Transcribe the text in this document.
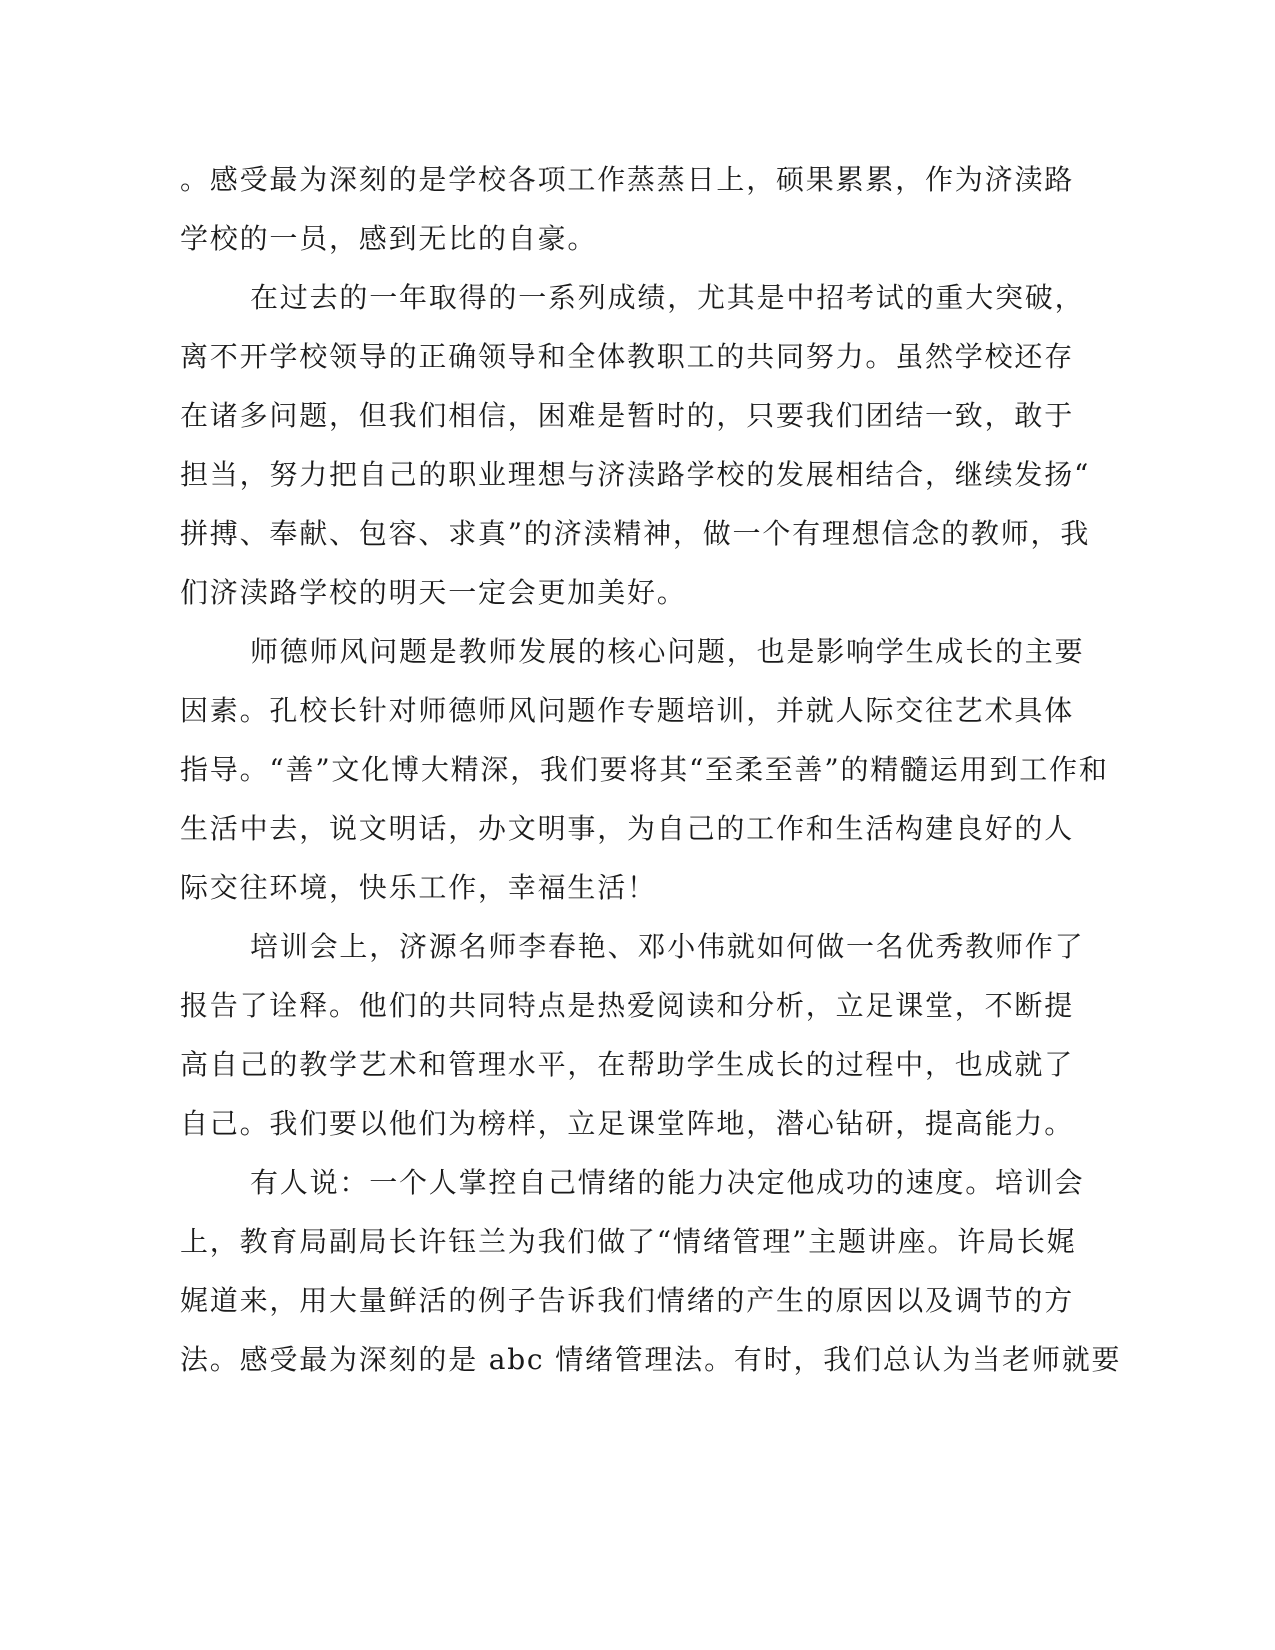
。感受最为深刻的是学校各项工作蒸蒸日上，硕果累累，作为济渎路
学校的一员，感到无比的自豪。
在过去的一年取得的一系列成绩，尤其是中招考试的重大突破，
离不开学校领导的正确领导和全体教职工的共同努力。虽然学校还存
在诸多问题，但我们相信，困难是暂时的，只要我们团结一致，敢于
担当，努力把自己的职业理想与济渎路学校的发展相结合，继续发扬“
拼搏、奉献、包容、求真”的济渎精神，做一个有理想信念的教师，我
们济渎路学校的明天一定会更加美好。
师德师风问题是教师发展的核心问题，也是影响学生成长的主要
因素。孔校长针对师德师风问题作专题培训，并就人际交往艺术具体
指导。“善”文化博大精深，我们要将其“至柔至善”的精髓运用到工作和
生活中去，说文明话，办文明事，为自己的工作和生活构建良好的人
际交往环境，快乐工作，幸福生活！
培训会上，济源名师李春艳、邓小伟就如何做一名优秀教师作了
报告了诠释。他们的共同特点是热爱阅读和分析，立足课堂，不断提
高自己的教学艺术和管理水平，在帮助学生成长的过程中，也成就了
自己。我们要以他们为榜样，立足课堂阵地，潜心钻研，提高能力。
有人说：一个人掌控自己情绪的能力决定他成功的速度。培训会
上，教育局副局长许钰兰为我们做了“情绪管理”主题讲座。许局长娓
娓道来，用大量鲜活的例子告诉我们情绪的产生的原因以及调节的方
法。感受最为深刻的是 abc 情绪管理法。有时，我们总认为当老师就要
